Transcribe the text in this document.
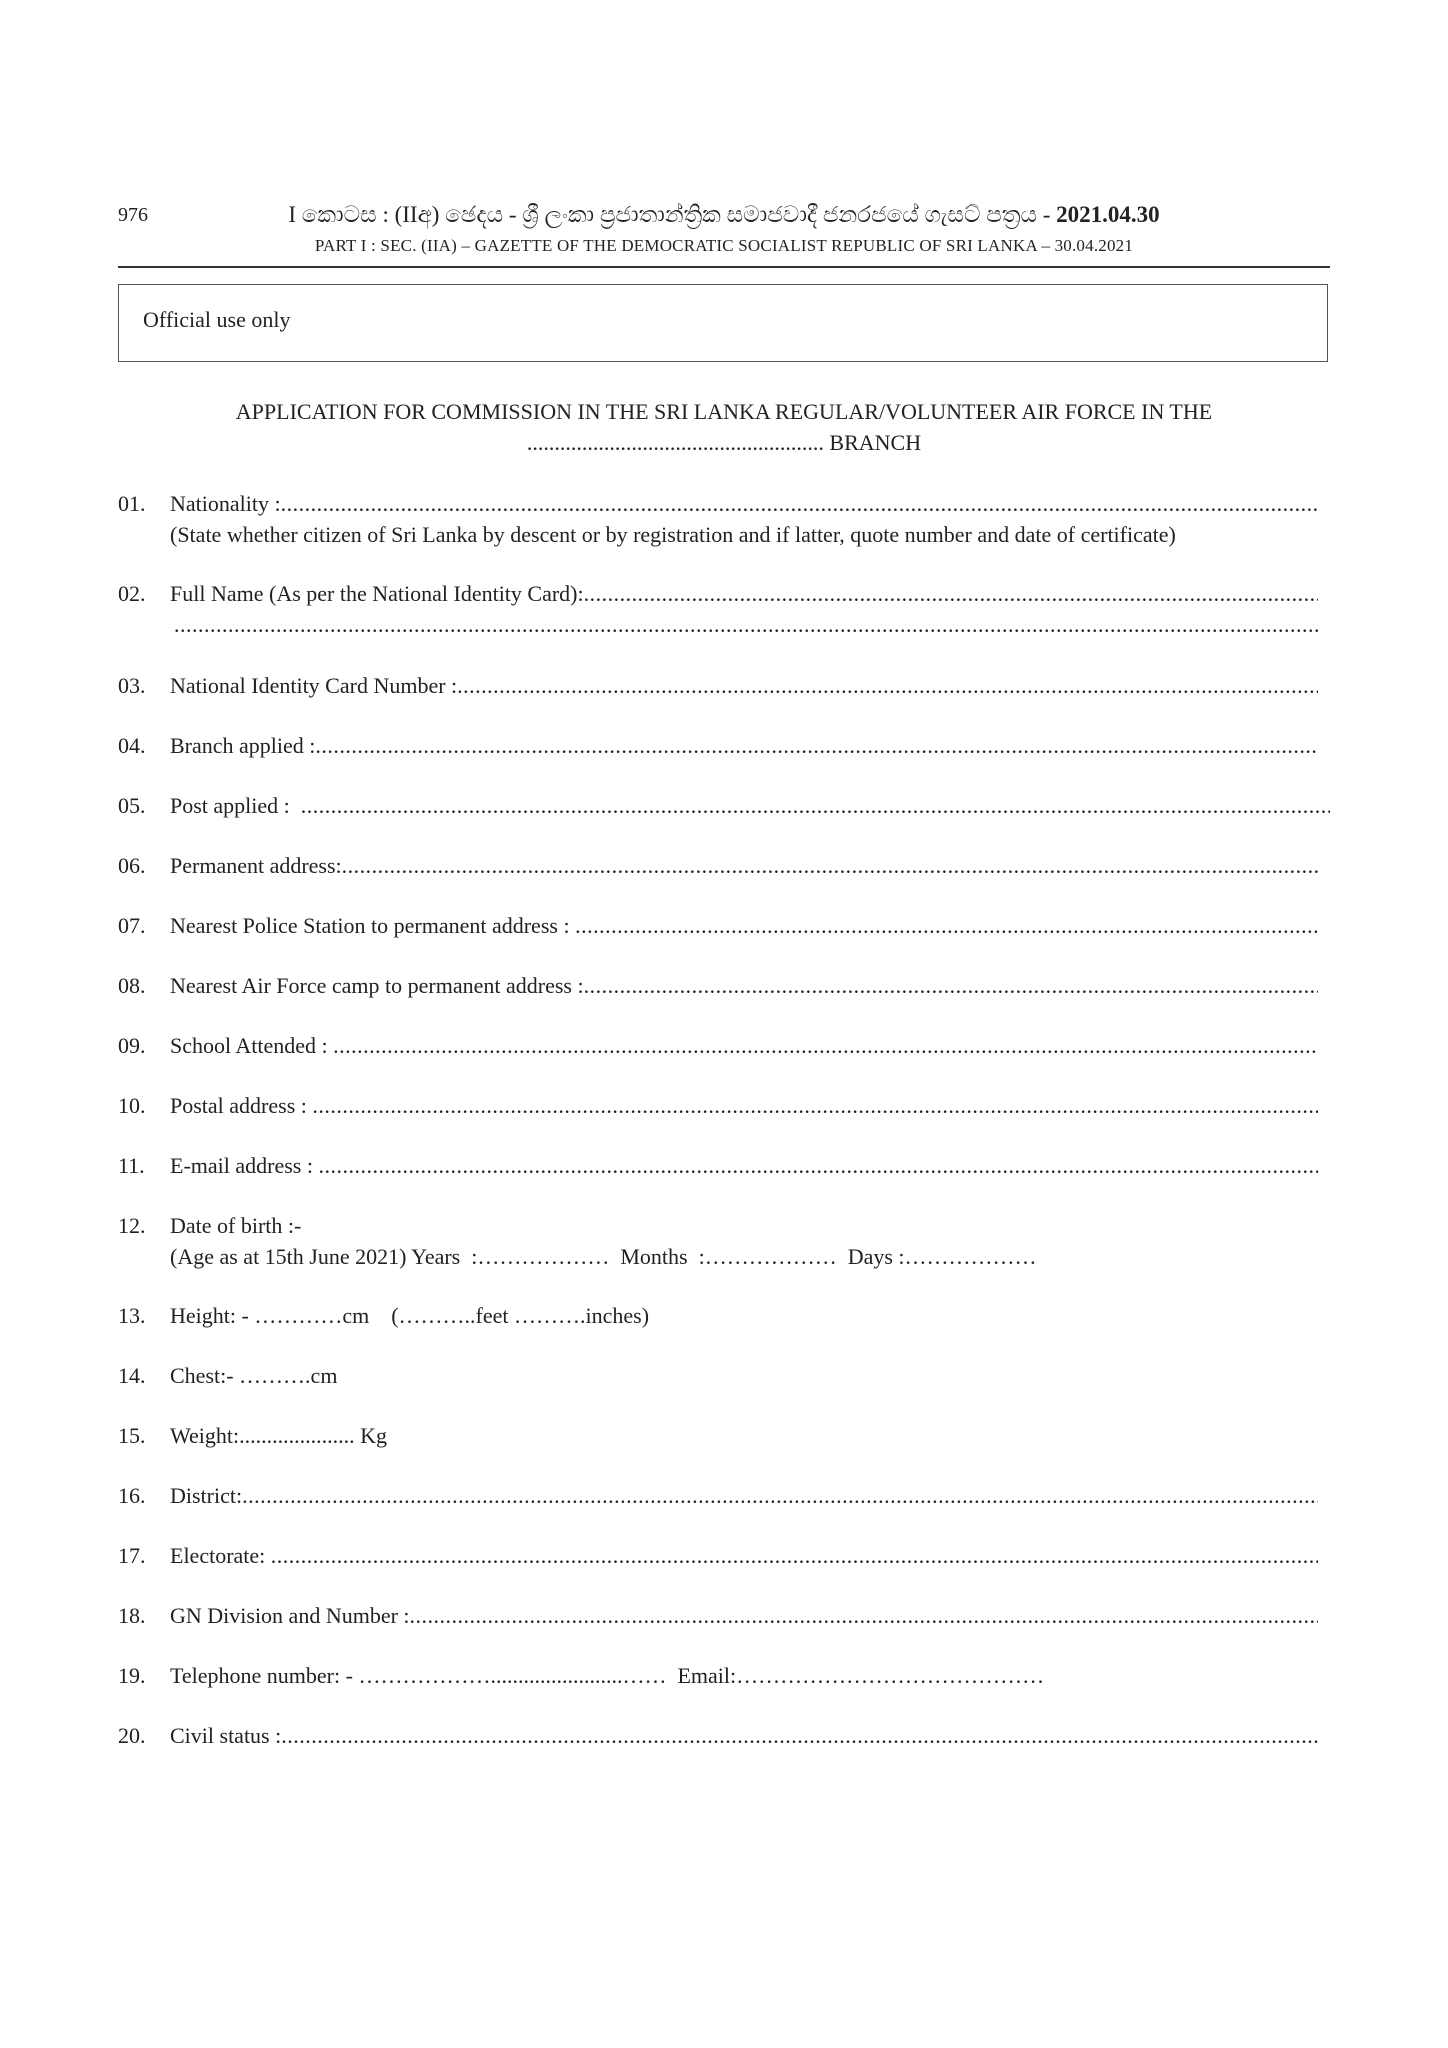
976	I කොටස : (IIඅ) ඡෙදය - ශ්‍රී ලංකා ප්‍රජාතාන්ත්‍රික සමාජවාදී ජනරජයේ ගැසට් පත්‍රය - 2021.04.30
PART I : SEC. (IIA) – GAZETTE OF THE DEMOCRATIC SOCIALIST REPUBLIC OF SRI LANKA – 30.04.2021
Official use only
APPLICATION FOR COMMISSION IN THE SRI LANKA REGULAR/VOLUNTEER AIR FORCE IN THE
...................................................... BRANCH
01. Nationality :
.....
(State whether citizen of Sri Lanka by descent or by registration and if latter, quote number and date of certificate)
02. Full Name (As per the National Identity Card):
.....
.....
03. National Identity Card Number :
.....
04. Branch applied :
.....
05. Post applied :
.....
06. Permanent address:
.....
07. Nearest Police Station to permanent address :
.....
08. Nearest Air Force camp to permanent address :
.....
09. School Attended :
.....
10. Postal address :
.....
11. E-mail address :
.....
12. Date of birth :-
(Age as at 15th June 2021) Years  :………………  Months  :………………  Days :………………
13. Height: - …………cm    (………..feet ……….inches)
14. Chest:- ……….cm
15. Weight:..................... Kg
16. District:
.....
17. Electorate:
.....
18. GN Division and Number :
.....
19. Telephone number: - ………………........................……  Email:……………………………………
20. Civil status :
.....
